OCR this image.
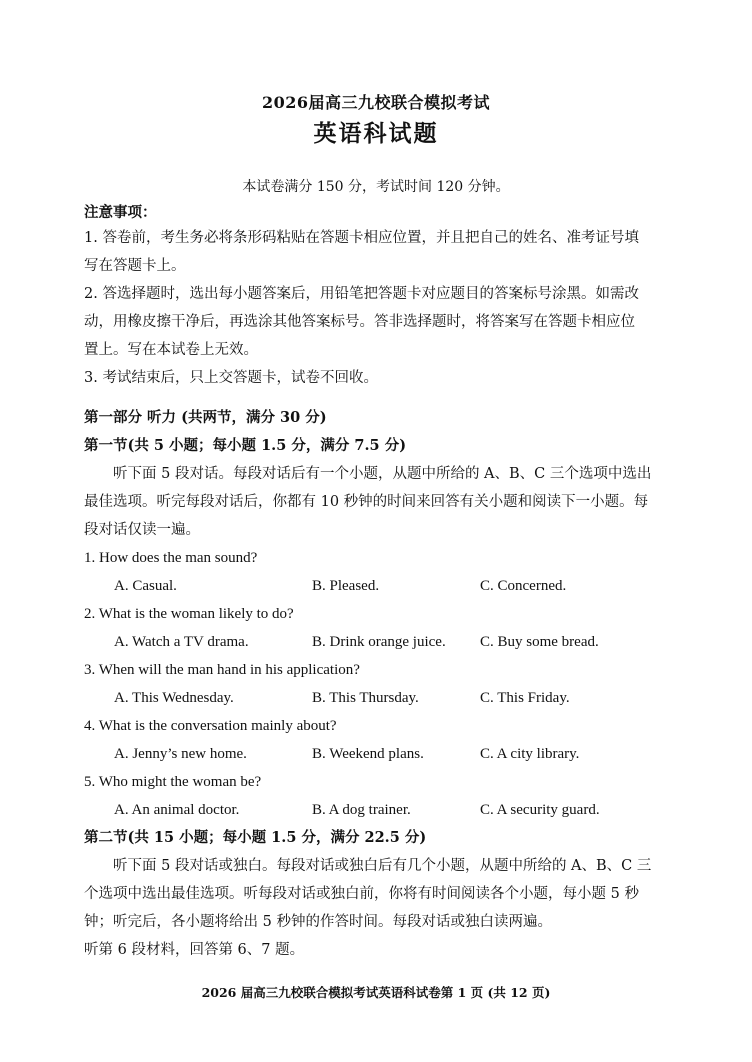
2026届高三九校联合模拟考试
英语科试题
本试卷满分 150 分，考试时间 120 分钟。
注意事项：
1. 答卷前，考生务必将条形码粘贴在答题卡相应位置，并且把自己的姓名、准考证号填
写在答题卡上。
2. 答选择题时，选出每小题答案后，用铅笔把答题卡对应题目的答案标号涂黑。如需改
动，用橡皮擦干净后，再选涂其他答案标号。答非选择题时，将答案写在答题卡相应位
置上。写在本试卷上无效。
3. 考试结束后，只上交答题卡，试卷不回收。
第一部分 听力 (共两节，满分 30 分)
第一节(共 5 小题；每小题 1.5 分，满分 7.5 分)
听下面 5 段对话。每段对话后有一个小题，从题中所给的 A、B、C 三个选项中选出
最佳选项。听完每段对话后，你都有 10 秒钟的时间来回答有关小题和阅读下一小题。每
段对话仅读一遍。
1. How does the man sound?
A. Casual.	B. Pleased.	C. Concerned.
2. What is the woman likely to do?
A. Watch a TV drama.	B. Drink orange juice. C. Buy some bread.
3. When will the man hand in his application?
A. This Wednesday.	B. This Thursday.	C. This Friday.
4. What is the conversation mainly about?
A. Jenny’s new home.	B. Weekend plans.	C. A city library.
5. Who might the woman be?
A. An animal doctor.	B. A dog trainer.	C. A security guard.
第二节(共 15 小题；每小题 1.5 分，满分 22.5 分)
听下面 5 段对话或独白。每段对话或独白后有几个小题，从题中所给的 A、B、C 三
个选项中选出最佳选项。听每段对话或独白前，你将有时间阅读各个小题，每小题 5 秒
钟；听完后，各小题将给出 5 秒钟的作答时间。每段对话或独白读两遍。
听第 6 段材料，回答第 6、7 题。
2026 届高三九校联合模拟考试英语科试卷第 1 页 (共 12 页)
